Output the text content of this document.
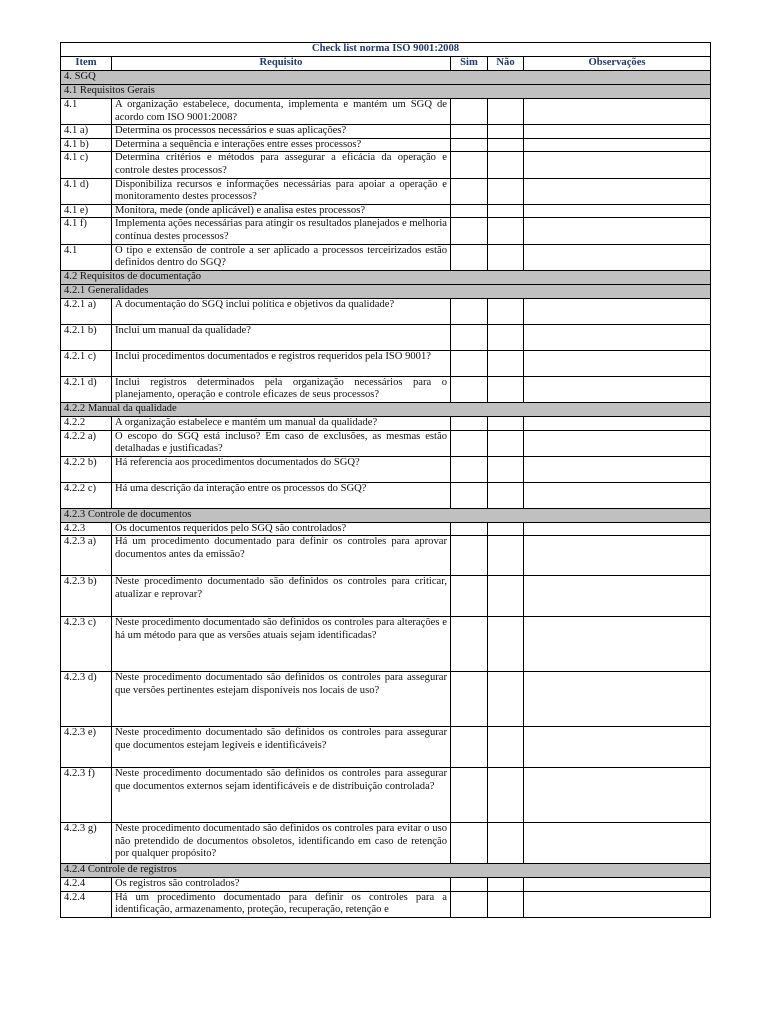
Check list norma ISO 9001:2008				
Item	Requisito	Sim	Não	Observações
4. SGQ				
4.1 Requisitos Gerais				
4.1	A organização estabelece, documenta, implementa e mantém um SGQ de acordo com ISO 9001:2008?			
4.1 a)	Determina os processos necessários e suas aplicações?			
4.1 b)	Determina a sequência e interações entre esses processos?			
4.1 c)	Determina critérios e métodos para assegurar a eficácia da operação e controle destes processos?			
4.1 d)	Disponibiliza recursos e informações necessárias para apoiar a operação e monitoramento destes processos?			
4.1 e)	Monitora, mede (onde aplicável) e analisa estes processos?			
4.1 f)	Implementa ações necessárias para atingir os resultados planejados e melhoria contínua destes processos?			
4.1	O tipo e extensão de controle a ser aplicado a processos terceirizados estão definidos dentro do SGQ?			
4.2 Requisitos de documentação				
4.2.1 Generalidades				
4.2.1 a)	A documentação do SGQ inclui política e objetivos da qualidade?			
4.2.1 b)	Inclui um manual da qualidade?			
4.2.1 c)	Inclui procedimentos documentados e registros requeridos pela ISO 9001?			
4.2.1 d)	Inclui registros determinados pela organização necessários para o planejamento, operação e controle eficazes de seus processos?			
4.2.2 Manual da qualidade				
4.2.2	A organização estabelece e mantém um manual da qualidade?			
4.2.2 a)	O escopo do SGQ está incluso? Em caso de exclusões, as mesmas estão detalhadas e justificadas?			
4.2.2 b)	Há referencia aos procedimentos documentados do SGQ?			
4.2.2 c)	Há uma descrição da interação entre os processos do SGQ?			
4.2.3 Controle de documentos				
4.2.3	Os documentos requeridos pelo SGQ são controlados?			
4.2.3 a)	Há um procedimento documentado para definir os controles para aprovar documentos antes da emissão?			
4.2.3 b)	Neste procedimento documentado são definidos os controles para criticar, atualizar e reprovar?			
4.2.3 c)	Neste procedimento documentado são definidos os controles para alterações e há um método para que as versões atuais sejam identificadas?			
4.2.3 d)	Neste procedimento documentado são definidos os controles para assegurar que versões pertinentes estejam disponíveis nos locais de uso?			
4.2.3 e)	Neste procedimento documentado são definidos os controles para assegurar que documentos estejam legíveis e identificáveis?			
4.2.3 f)	Neste procedimento documentado são definidos os controles para assegurar que documentos externos sejam identificáveis e de distribuição controlada?			
4.2.3 g)	Neste procedimento documentado são definidos os controles para evitar o uso não pretendido de documentos obsoletos, identificando em caso de retenção por qualquer propósito?			
4.2.4 Controle de registros				
4.2.4	Os registros são controlados?			
4.2.4	Há um procedimento documentado para definir os controles para a identificação, armazenamento, proteção, recuperação, retenção e			
